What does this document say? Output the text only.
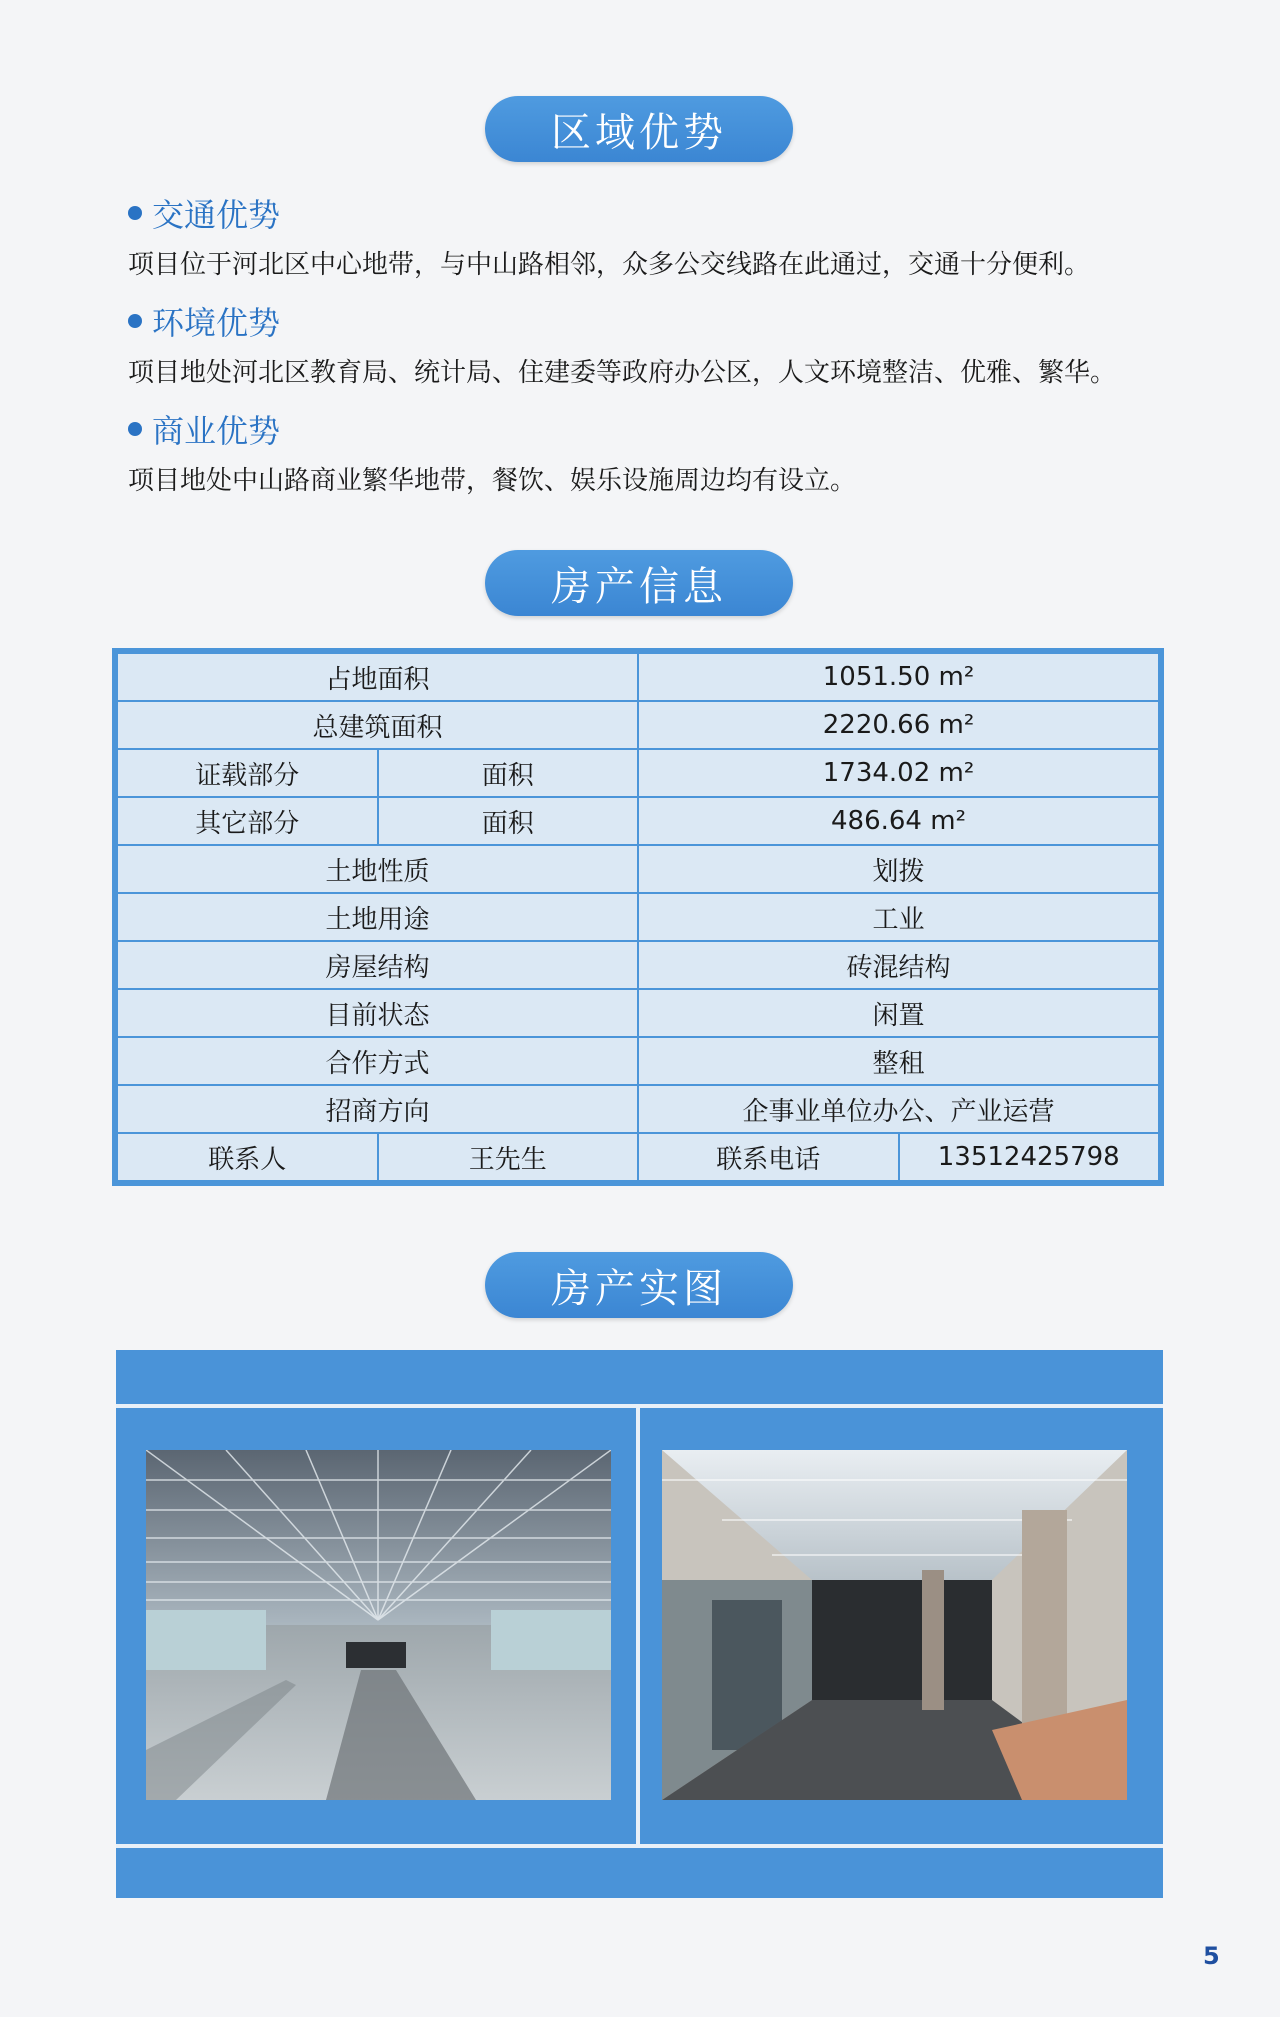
区域优势
交通优势
项目位于河北区中心地带，与中山路相邻，众多公交线路在此通过，交通十分便利。
环境优势
项目地处河北区教育局、统计局、住建委等政府办公区，人文环境整洁、优雅、繁华。
商业优势
项目地处中山路商业繁华地带，餐饮、娱乐设施周边均有设立。
房产信息
占地面积		1051.50 m²	
总建筑面积		2220.66 m²	
证载部分	面积	1734.02 m²	
其它部分	面积	486.64 m²	
土地性质		划拨	
土地用途		工业	
房屋结构		砖混结构	
目前状态		闲置	
合作方式		整租	
招商方向		企事业单位办公、产业运营	
联系人	王先生	联系电话	13512425798
房产实图
5
